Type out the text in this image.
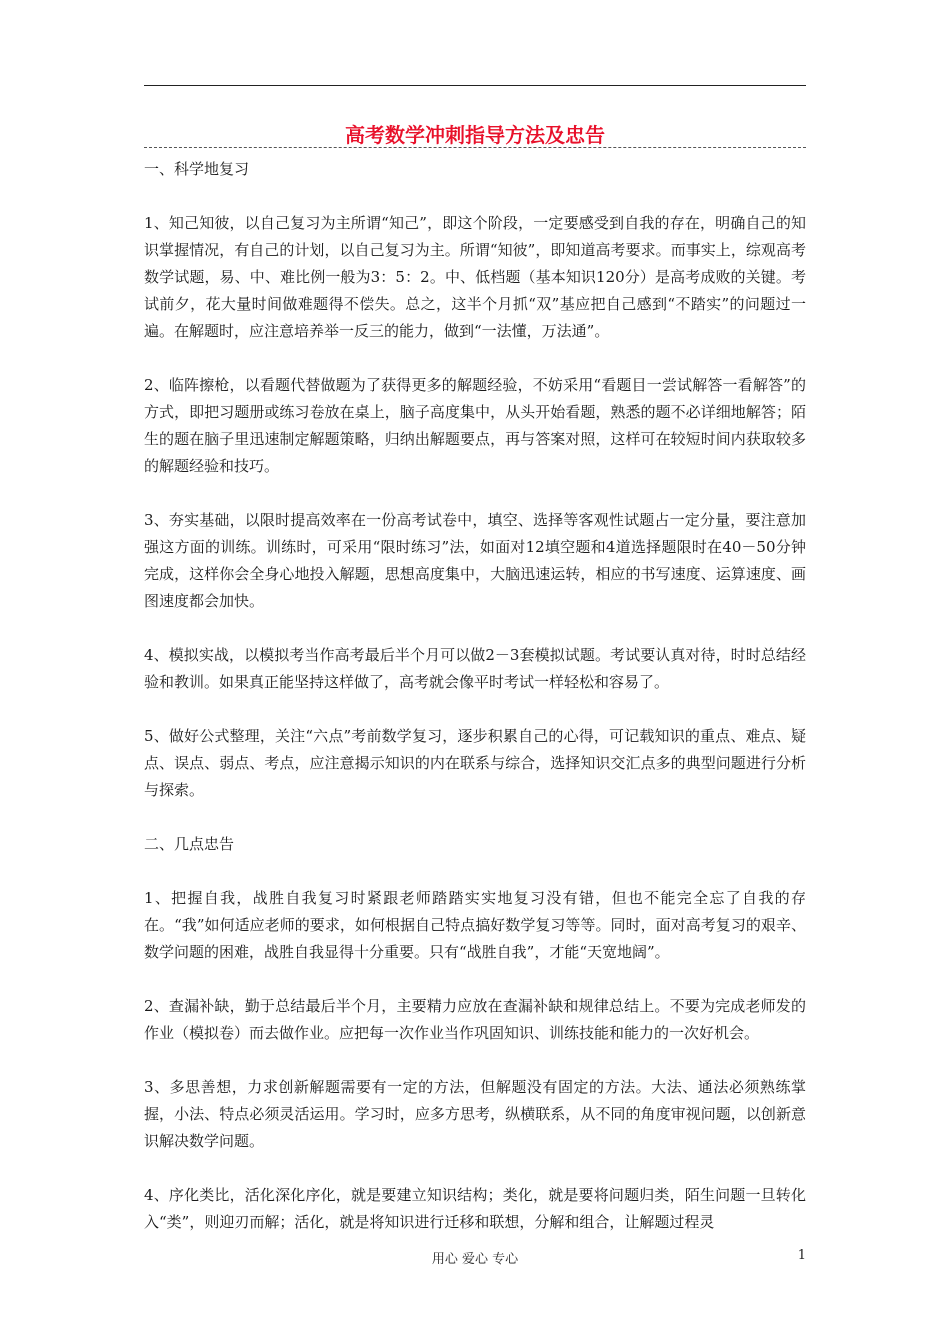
高考数学冲刺指导方法及忠告

一、科学地复习

1、知己知彼，以自己复习为主所谓“知己”，即这个阶段，一定要感受到自我的存在，明确自己的知识掌握情况，有自己的计划，以自己复习为主。所谓“知彼”，即知道高考要求。而事实上，综观高考数学试题，易、中、难比例一般为3：5：2。中、低档题（基本知识120分）是高考成败的关键。考试前夕，花大量时间做难题得不偿失。总之，这半个月抓“双”基应把自己感到“不踏实”的问题过一遍。在解题时，应注意培养举一反三的能力，做到“一法懂，万法通”。

2、临阵擦枪，以看题代替做题为了获得更多的解题经验，不妨采用“看题目一尝试解答一看解答”的方式，即把习题册或练习卷放在桌上，脑子高度集中，从头开始看题，熟悉的题不必详细地解答；陌生的题在脑子里迅速制定解题策略，归纳出解题要点，再与答案对照，这样可在较短时间内获取较多的解题经验和技巧。

3、夯实基础，以限时提高效率在一份高考试卷中，填空、选择等客观性试题占一定分量，要注意加强这方面的训练。训练时，可采用“限时练习”法，如面对12填空题和4道选择题限时在40－50分钟完成，这样你会全身心地投入解题，思想高度集中，大脑迅速运转，相应的书写速度、运算速度、画图速度都会加快。

4、模拟实战，以模拟考当作高考最后半个月可以做2－3套模拟试题。考试要认真对待，时时总结经验和教训。如果真正能坚持这样做了，高考就会像平时考试一样轻松和容易了。

5、做好公式整理，关注“六点”考前数学复习，逐步积累自己的心得，可记载知识的重点、难点、疑点、误点、弱点、考点，应注意揭示知识的内在联系与综合，选择知识交汇点多的典型问题进行分析与探索。

二、几点忠告

1、把握自我，战胜自我复习时紧跟老师踏踏实实地复习没有错，但也不能完全忘了自我的存在。“我”如何适应老师的要求，如何根据自己特点搞好数学复习等等。同时，面对高考复习的艰辛、数学问题的困难，战胜自我显得十分重要。只有“战胜自我”，才能“天宽地阔”。

2、查漏补缺，勤于总结最后半个月，主要精力应放在查漏补缺和规律总结上。不要为完成老师发的作业（模拟卷）而去做作业。应把每一次作业当作巩固知识、训练技能和能力的一次好机会。

3、多思善想，力求创新解题需要有一定的方法，但解题没有固定的方法。大法、通法必须熟练掌握，小法、特点必须灵活运用。学习时，应多方思考，纵横联系，从不同的角度审视问题，以创新意识解决数学问题。

4、序化类比，活化深化序化，就是要建立知识结构；类化，就是要将问题归类，陌生问题一旦转化入“类”，则迎刃而解；活化，就是将知识进行迁移和联想，分解和组合，让解题过程灵

用心 爱心 专心	1
